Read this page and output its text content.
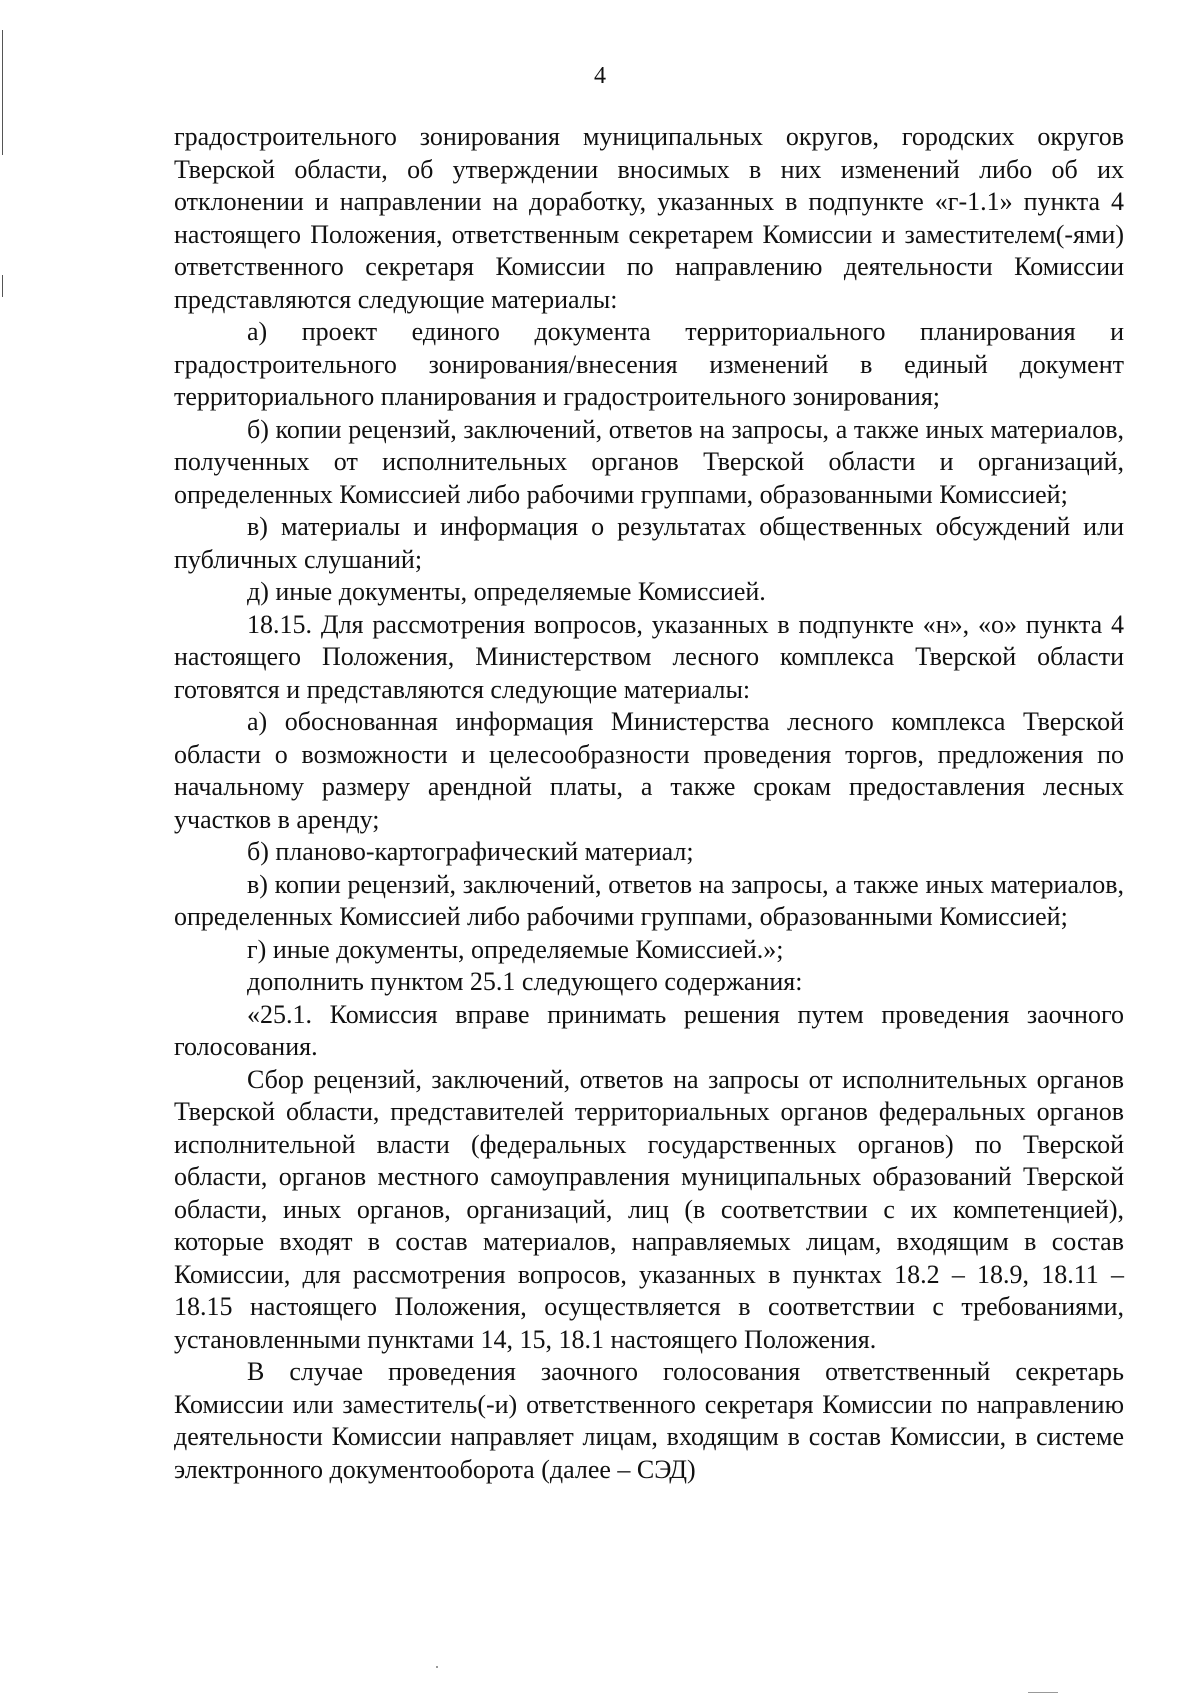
4

градостроительного зонирования муниципальных округов, городских округов Тверской области, об утверждении вносимых в них изменений либо об их отклонении и направлении на доработку, указанных в подпункте «г-1.1» пункта 4 настоящего Положения, ответственным секретарем Комиссии и заместителем(-ями) ответственного секретаря Комиссии по направлению деятельности Комиссии представляются следующие материалы:

а) проект единого документа территориального планирования и градостроительного зонирования/внесения изменений в единый документ территориального планирования и градостроительного зонирования;

б) копии рецензий, заключений, ответов на запросы, а также иных материалов, полученных от исполнительных органов Тверской области и организаций, определенных Комиссией либо рабочими группами, образованными Комиссией;

в) материалы и информация о результатах общественных обсуждений или публичных слушаний;

д) иные документы, определяемые Комиссией.

18.15. Для рассмотрения вопросов, указанных в подпункте «н», «о» пункта 4 настоящего Положения, Министерством лесного комплекса Тверской области готовятся и представляются следующие материалы:

а) обоснованная информация Министерства лесного комплекса Тверской области о возможности и целесообразности проведения торгов, предложения по начальному размеру арендной платы, а также срокам предоставления лесных участков в аренду;

б) планово-картографический материал;

в) копии рецензий, заключений, ответов на запросы, а также иных материалов, определенных Комиссией либо рабочими группами, образованными Комиссией;

г) иные документы, определяемые Комиссией.»;

дополнить пунктом 25.1 следующего содержания:

«25.1. Комиссия вправе принимать решения путем проведения заочного голосования.

Сбор рецензий, заключений, ответов на запросы от исполнительных органов Тверской области, представителей территориальных органов федеральных органов исполнительной власти (федеральных государственных органов) по Тверской области, органов местного самоуправления муниципальных образований Тверской области, иных органов, организаций, лиц (в соответствии с их компетенцией), которые входят в состав материалов, направляемых лицам, входящим в состав Комиссии, для рассмотрения вопросов, указанных в пунктах 18.2 – 18.9, 18.11 – 18.15 настоящего Положения, осуществляется в соответствии с требованиями, установленными пунктами 14, 15, 18.1 настоящего Положения.

В случае проведения заочного голосования ответственный секретарь Комиссии или заместитель(-и) ответственного секретаря Комиссии по направлению деятельности Комиссии направляет лицам, входящим в состав Комиссии, в системе электронного документооборота (далее – СЭД)
